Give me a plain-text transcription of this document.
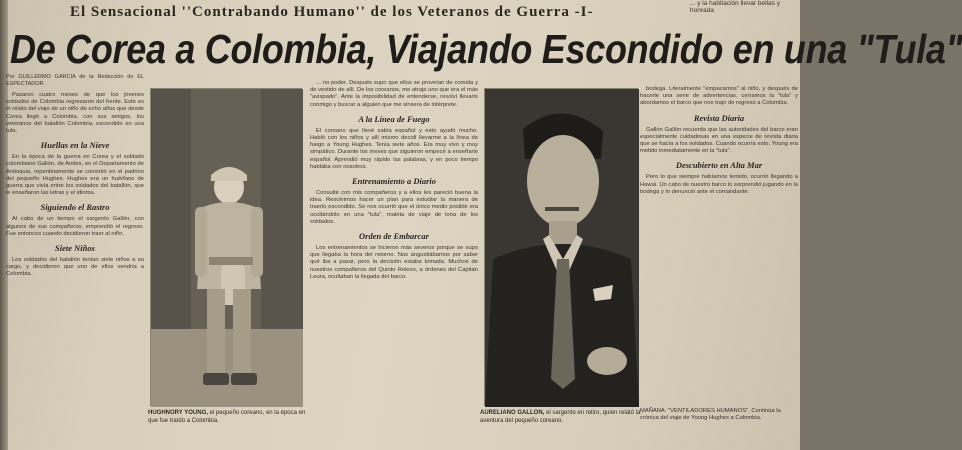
El Sensacional ''Contrabando Humano'' de los Veteranos de Guerra -I-
... y la habitación llevar bellas y honrada
De Corea a Colombia, Viajando Escondido en una "Tula"

Por GUILLERMO GARCIA de la Redacción de EL ESPECTADOR

Pasaron cuatro meses de que los jóvenes soldados de Colombia regresaron del frente. Este es el relato del viaje de un niño de ocho años que desde Corea llegó a Colombia, con sus amigos, los veteranos del batallón Colombia, escondido en una tula.

Huellas en la Nieve

En la época de la guerra en Corea y el soldado colombiano Gallón, de Andes, en el Departamento de Antioquia, repentinamente se convirtió en el padrino del pequeño Hughes. Hughes era un huérfano de guerra que vivía entre los soldados del batallón, que le enseñaron las letras y el idioma.

Siguiendo el Rastro

Al cabo de un tiempo el sargento Gallón, con algunos de sus compañeros, emprendió el regreso. Fue entonces cuando decidieron traer al niño.

Siete Niños

Los soldados del batallón tenían siete niños a su cargo, y decidieron que uno de ellos vendría a Colombia.

... no poder. Después supo que ellos se proveían de comida y de vestido de allí. De los coreanos, me atraje uno que era el más "avispado". Ante la imposibilidad de entenderse, resolví llevarlo conmigo y buscar a alguien que me sirviera de intérprete.

A la Línea de Fuego

El coreano que llevé sabía español y esto ayudó mucho. Habló con los niños y allí mismo decidí llevarme a la línea de fuego a Young Hughes. Tenía siete años. Era muy vivo y muy simpático. Durante los meses que siguieron empecé a enseñarle español. Aprendió muy rápido las palabras, y en poco tiempo hablaba con nosotros.

Entrenamiento a Diario

Consulté con mis compañeros y a ellos les pareció buena la idea. Resolvimos hacer un plan para estudiar la manera de traerlo escondido. Se nos ocurrió que el único medio posible era ocultándolo en una "tula", maleta de viaje de lona de los soldados.

Orden de Embarcar

Los entrenamientos se hicieron más severos porque se supo que llegaba la hora del retorno. Nos angustiábamos por saber qué iba a pasar, pero la decisión estaba tomada. Muchos de nuestros compañeros del Quinto Relevo, a órdenes del Capitán Leura, ocultaban la llegada del barco.

bodega. Literalmente "empacamos" al niño, y después de hacerle una serie de advertencias, cerramos la "tula" y abordamos el barco que nos trajo de regreso a Colombia.

Revista Diaria

Gallón Gallón recuerda que las autoridades del barco eran especialmente cuidadosas en una especie de revista diaria que se hacía a los soldados. Cuando ocurría esto, Young era metido inmediatamente en la "tula".

Descubierto en Alta Mar

Pero lo que siempre habíamos temido, ocurrió llegando a Hawai. Un cabo de nuestro barco lo sorprendió jugando en la bodega y lo denunció ante el comandante.

MAÑANA: "VENTILADORES HUMANOS". Continúa la crónica del viaje de Young Hughes a Colombia.
HUGHNORY YOUNG, el pequeño coreano, en la época en que fue traído a Colombia.
AURELIANO GALLON, el sargento en retiro, quien relató la aventura del pequeño coreano.
